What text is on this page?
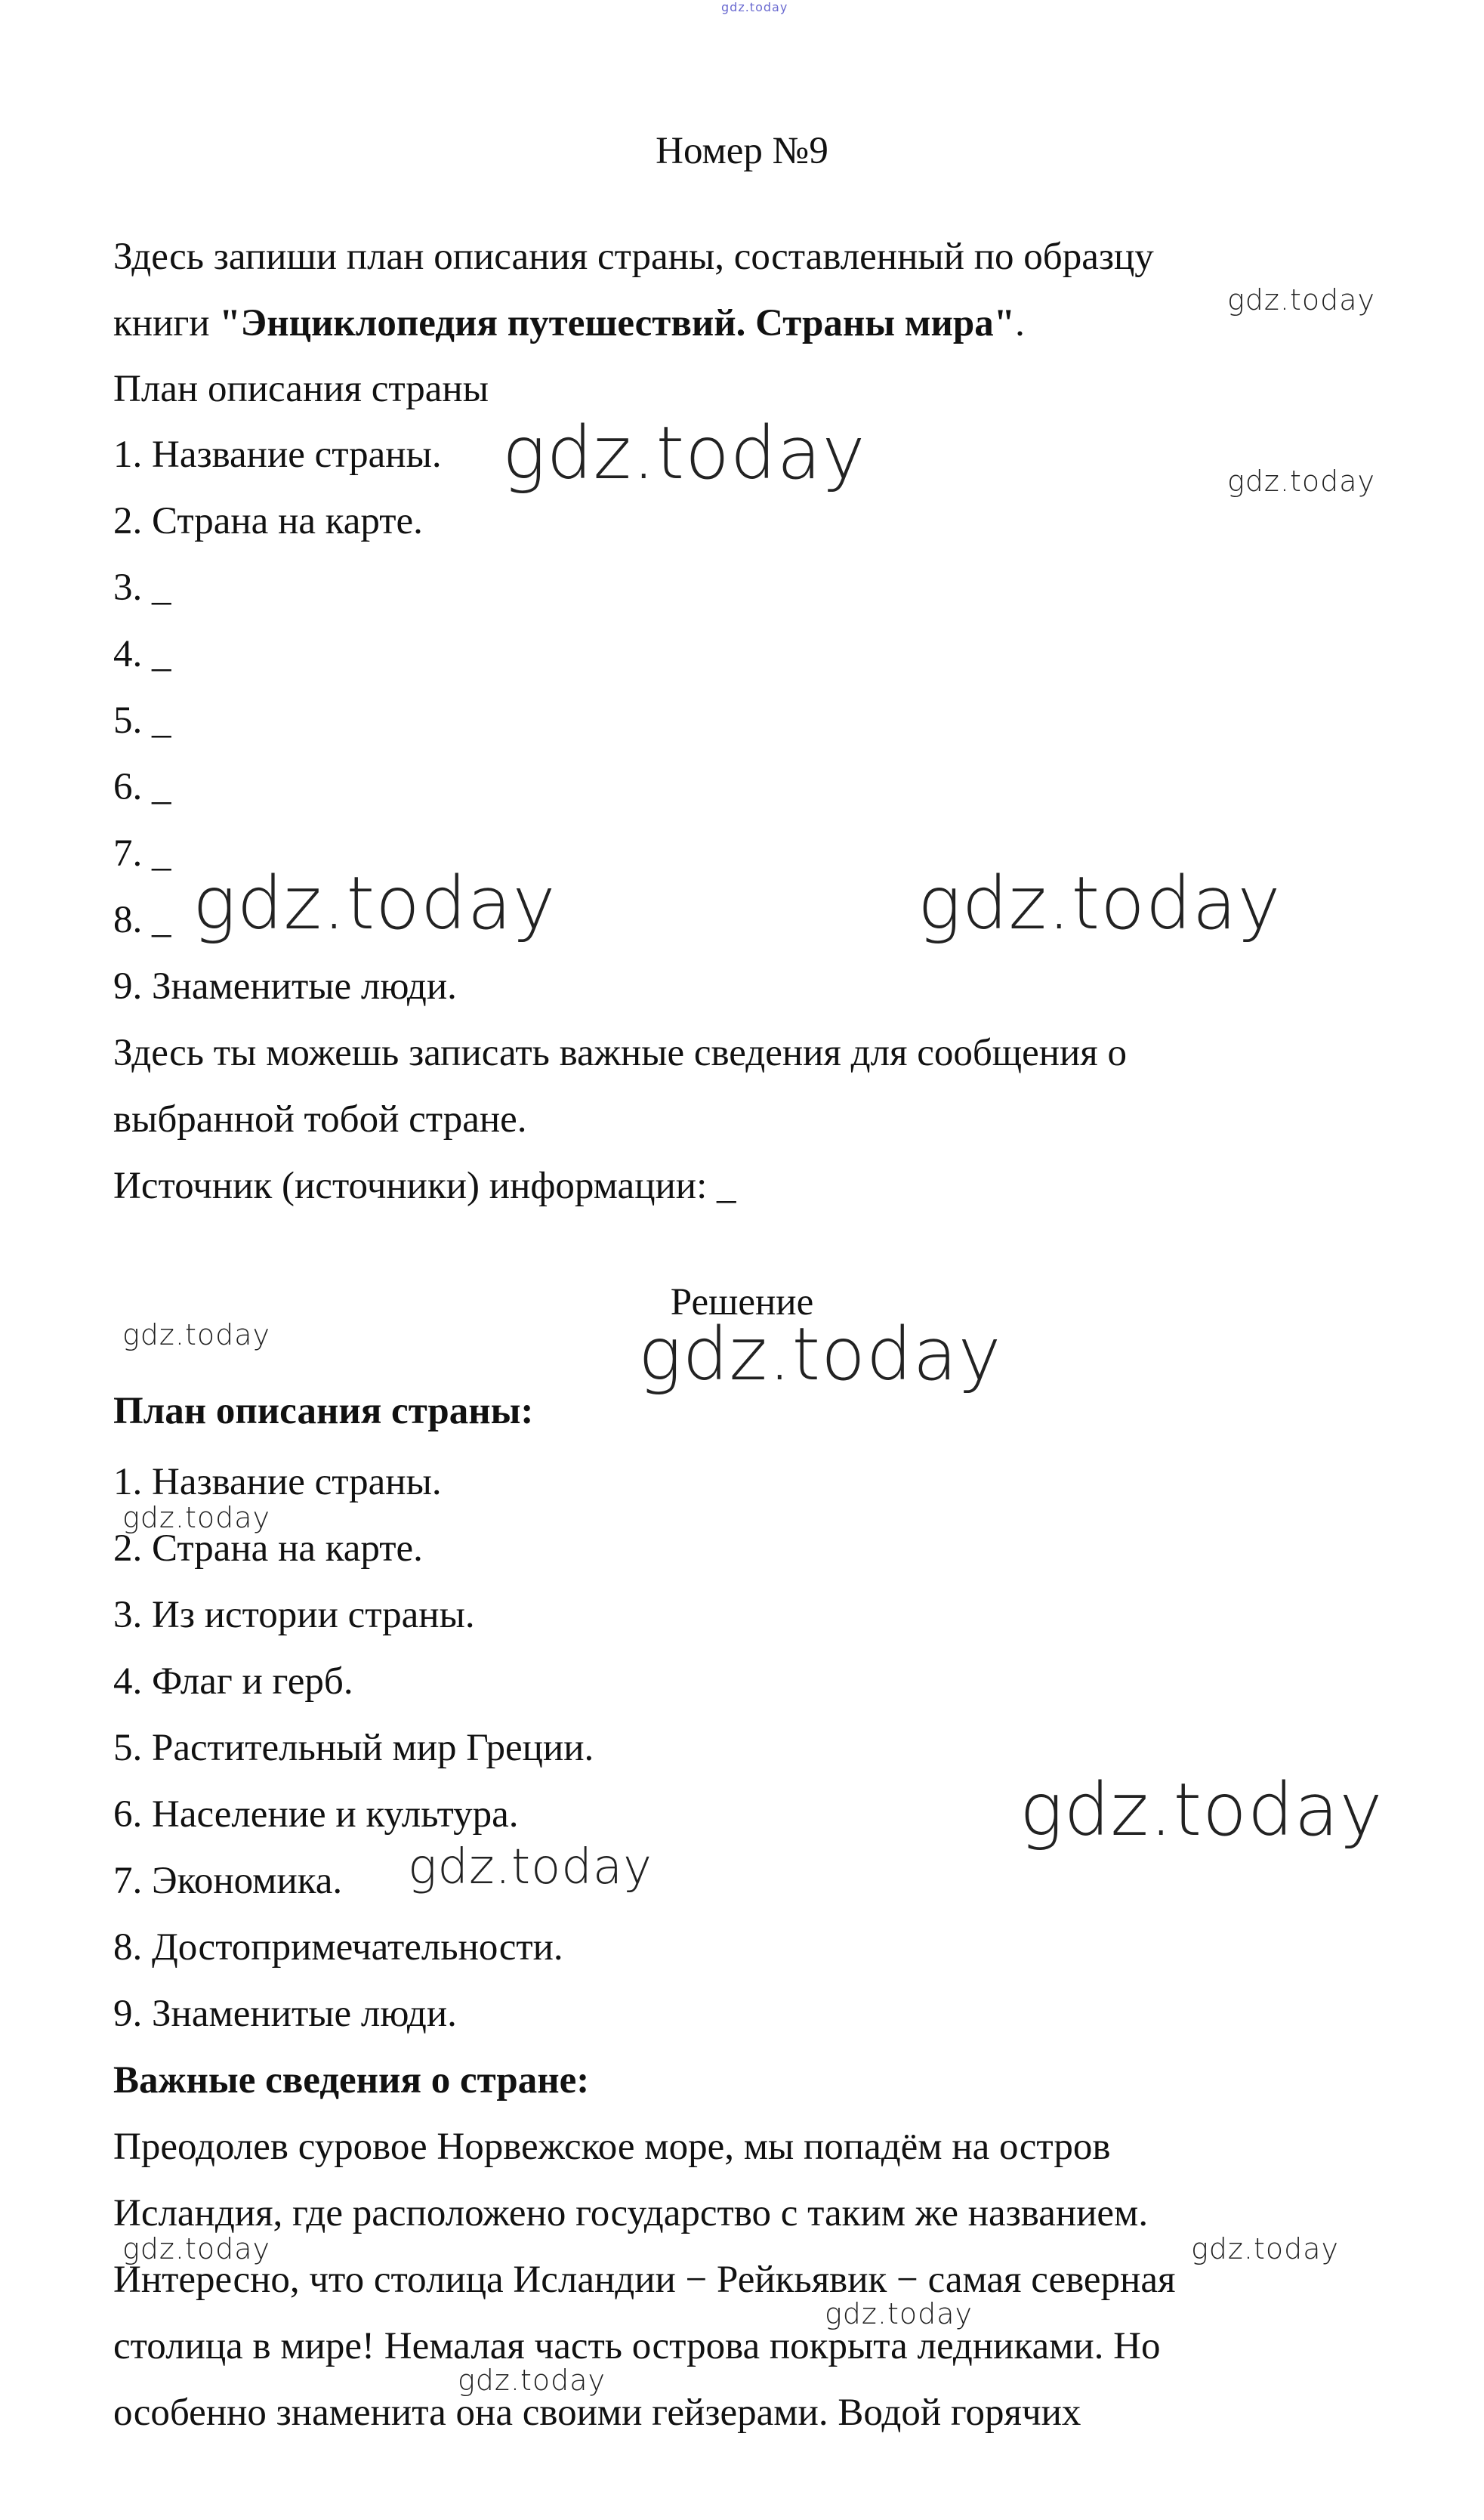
Номер №9
Здесь запиши план описания страны, составленный по образцу
книги "Энциклопедия путешествий. Страны мира".
План описания страны
1. Название страны.
2. Страна на карте.
3. _
4. _
5. _
6. _
7. _
8. _
9. Знаменитые люди.
Здесь ты можешь записать важные сведения для сообщения о
выбранной тобой стране.
Источник (источники) информации: _
Решение
План описания страны:
1. Название страны.
2. Страна на карте.
3. Из истории страны.
4. Флаг и герб.
5. Растительный мир Греции.
6. Население и культура.
7. Экономика.
8. Достопримечательности.
9. Знаменитые люди.
Важные сведения о стране:
Преодолев суровое Норвежское море, мы попадём на остров
Исландия, где расположено государство с таким же названием.
Интересно, что столица Исландии − Рейкьявик − самая северная
столица в мире! Немалая часть острова покрыта ледниками. Но
особенно знаменита она своими гейзерами. Водой горячих
gdz.today
gdz.today
gdz.today	gdz.today
gdz.today	gdz.today
gdz.today	gdz.today
gdz.today
gdz.today
gdz.today
gdz.today	gdz.today
gdz.today
gdz.today
